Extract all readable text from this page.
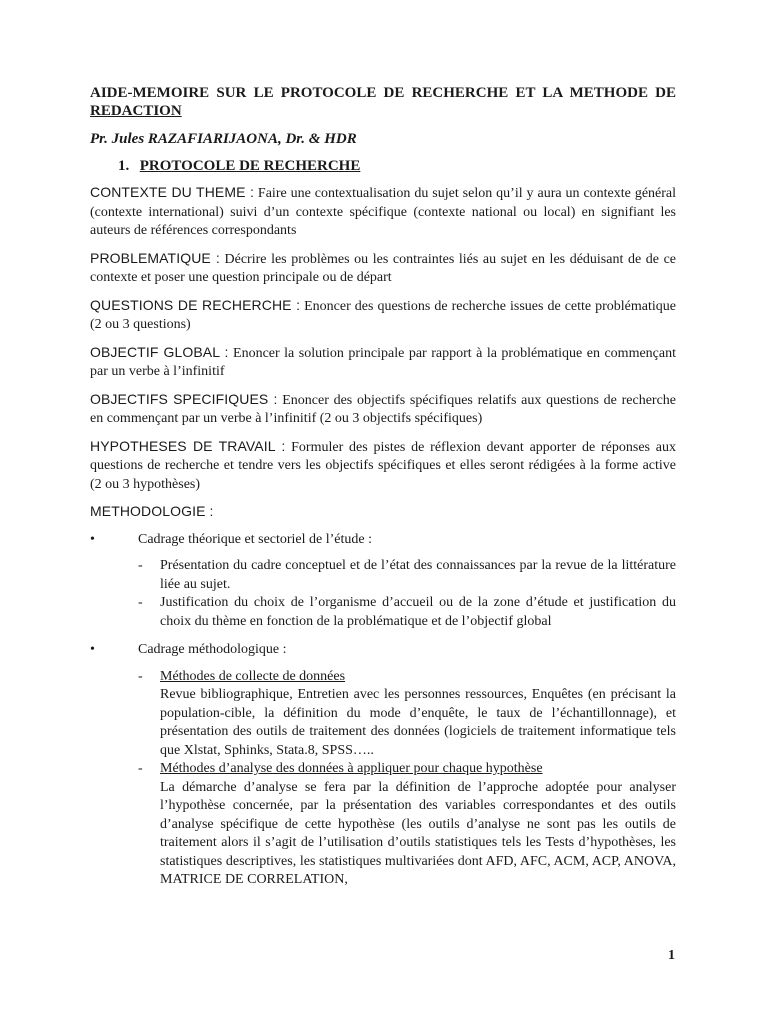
AIDE-MEMOIRE SUR LE PROTOCOLE DE RECHERCHE ET LA METHODE DE REDACTION
Pr. Jules RAZAFIARIJAONA, Dr. & HDR
1. PROTOCOLE DE RECHERCHE

CONTEXTE DU THEME : Faire une contextualisation du sujet selon qu’il y aura un contexte général (contexte international) suivi d’un contexte spécifique (contexte national ou local) en signifiant les auteurs de références correspondants

PROBLEMATIQUE : Décrire les problèmes ou les contraintes liés au sujet en les déduisant de de ce contexte et poser une question principale ou de départ

QUESTIONS DE RECHERCHE : Enoncer des questions de recherche issues de cette problématique (2 ou 3 questions)

OBJECTIF GLOBAL : Enoncer la solution principale par rapport à la problématique en commençant par un verbe à l’infinitif

OBJECTIFS SPECIFIQUES : Enoncer des objectifs spécifiques relatifs aux questions de recherche en commençant par un verbe à l’infinitif (2 ou 3 objectifs spécifiques)

HYPOTHESES DE TRAVAIL : Formuler des pistes de réflexion devant apporter de réponses aux questions de recherche et tendre vers les objectifs spécifiques et elles seront rédigées à la forme active (2 ou 3 hypothèses)

METHODOLOGIE :

•	Cadrage théorique et sectoriel de l’étude :
-	Présentation du cadre conceptuel et de l’état des connaissances par la revue de la littérature liée au sujet.
-	Justification du choix de l’organisme d’accueil ou de la zone d’étude et justification du choix du thème en fonction de la problématique et de l’objectif global
•	Cadrage méthodologique :
-	Méthodes de collecte de données
Revue bibliographique, Entretien avec les personnes ressources, Enquêtes (en précisant la population-cible, la définition du mode d’enquête, le taux de l’échantillonnage), et présentation des outils de traitement des données (logiciels de traitement informatique tels que Xlstat, Sphinks, Stata.8, SPSS…..
-	Méthodes d’analyse des données à appliquer pour chaque hypothèse
La démarche d’analyse se fera par la définition de l’approche adoptée pour analyser l’hypothèse concernée, par la présentation des variables correspondantes et des outils d’analyse spécifique de cette hypothèse (les outils d’analyse ne sont pas les outils de traitement alors il s’agit de l’utilisation d’outils statistiques tels les Tests d’hypothèses, les statistiques descriptives, les statistiques multivariées dont AFD, AFC, ACM, ACP, ANOVA, MATRICE DE CORRELATION,
1
